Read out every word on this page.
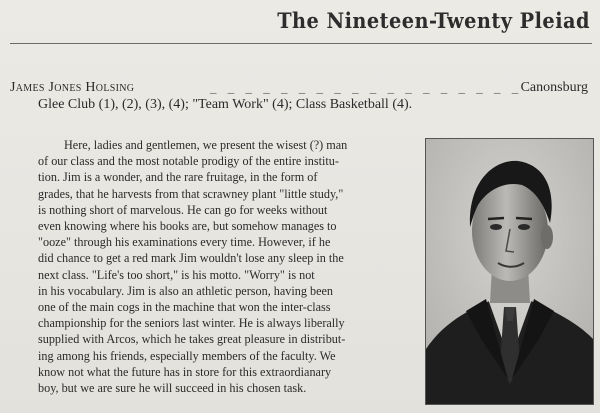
The Nineteen-Twenty Pleiad
James Jones Holsing	_ _ _ _ _ _ _ _ _ _ _ _ _ _ _ _ _ _
Canonsburg
Glee Club (1), (2), (3), (4); "Team Work" (4); Class Basketball (4).
Here, ladies and gentlemen, we present the wisest (?) man
of our class and the most notable prodigy of the entire institu-
tion. Jim is a wonder, and the rare fruitage, in the form of
grades, that he harvests from that scrawney plant "little study,"
is nothing short of marvelous. He can go for weeks without
even knowing where his books are, but somehow manages to
"ooze" through his examinations every time. However, if he
did chance to get a red mark Jim wouldn't lose any sleep in the
next class. "Life's too short," is his motto. "Worry" is not
in his vocabulary. Jim is also an athletic person, having been
one of the main cogs in the machine that won the inter-class
championship for the seniors last winter. He is always liberally
supplied with Arcos, which he takes great pleasure in distribut-
ing among his friends, especially members of the faculty. We
know not what the future has in store for this extraordianary
boy, but we are sure he will succeed in his chosen task.
